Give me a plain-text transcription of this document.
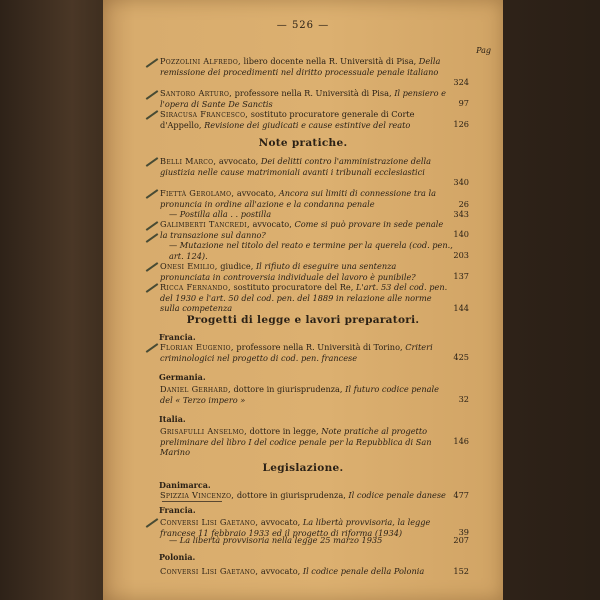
— 526 —
Pag
Pozzolini Alfredo, libero docente nella R. Università di Pisa, Della remissione dei procedimenti nel diritto processuale penale italiano
324
Santoro Arturo, professore nella R. Università di Pisa, Il pensiero e l'opera di Sante De Sanctis	97
Siracusa Francesco, sostituto procuratore generale di Corte d'Appello, Revisione dei giudicati e cause estintive del reato	126
Note pratiche.
Belli Marco, avvocato, Dei delitti contro l'amministrazione della giustizia nelle cause matrimoniali avanti i tribunali ecclesiastici
340
Fiettà Gerolamo, avvocato, Ancora sui limiti di connessione tra la pronuncia in ordine all'azione e la condanna penale	26
— Postilla alla . . postilla	343
Galimberti Tancredi, avvocato, Come si può provare in sede penale la transazione sul danno?	140
— Mutazione nel titolo del reato e termine per la querela (cod. pen., art. 124).	203
Onesi Emilio, giudice, Il rifiuto di eseguire una sentenza pronunciata in controversia individuale del lavoro è punibile?	137
Ricca Fernando, sostituto procuratore del Re, L'art. 53 del cod. pen. del 1930 e l'art. 50 del cod. pen. del 1889 in relazione alle norme sulla competenza	144
Progetti di legge e lavori preparatori.
Francia.
Florian Eugenio, professore nella R. Università di Torino, Criteri criminologici nel progetto di cod. pen. francese	425
Germania.
Daniel Gerhard, dottore in giurisprudenza, Il futuro codice penale del « Terzo impero »	32
Italia.
Grisafulli Anselmo, dottore in legge, Note pratiche al progetto preliminare del libro I del codice penale per la Repubblica di San Marino
146
Legislazione.
Danimarca.
Spizzia Vincenzo, dottore in giurisprudenza, Il codice penale danese 477
Francia.
Conversi Lisi Gaetano, avvocato, La libertà provvisoria, la legge francese 11 febbraio 1933 ed il progetto di riforma (1934)	39
— La libertà provvisoria nella legge 25 marzo 1935	207
Polonia.
Conversi Lisi Gaetano, avvocato, Il codice penale della Polonia	152
